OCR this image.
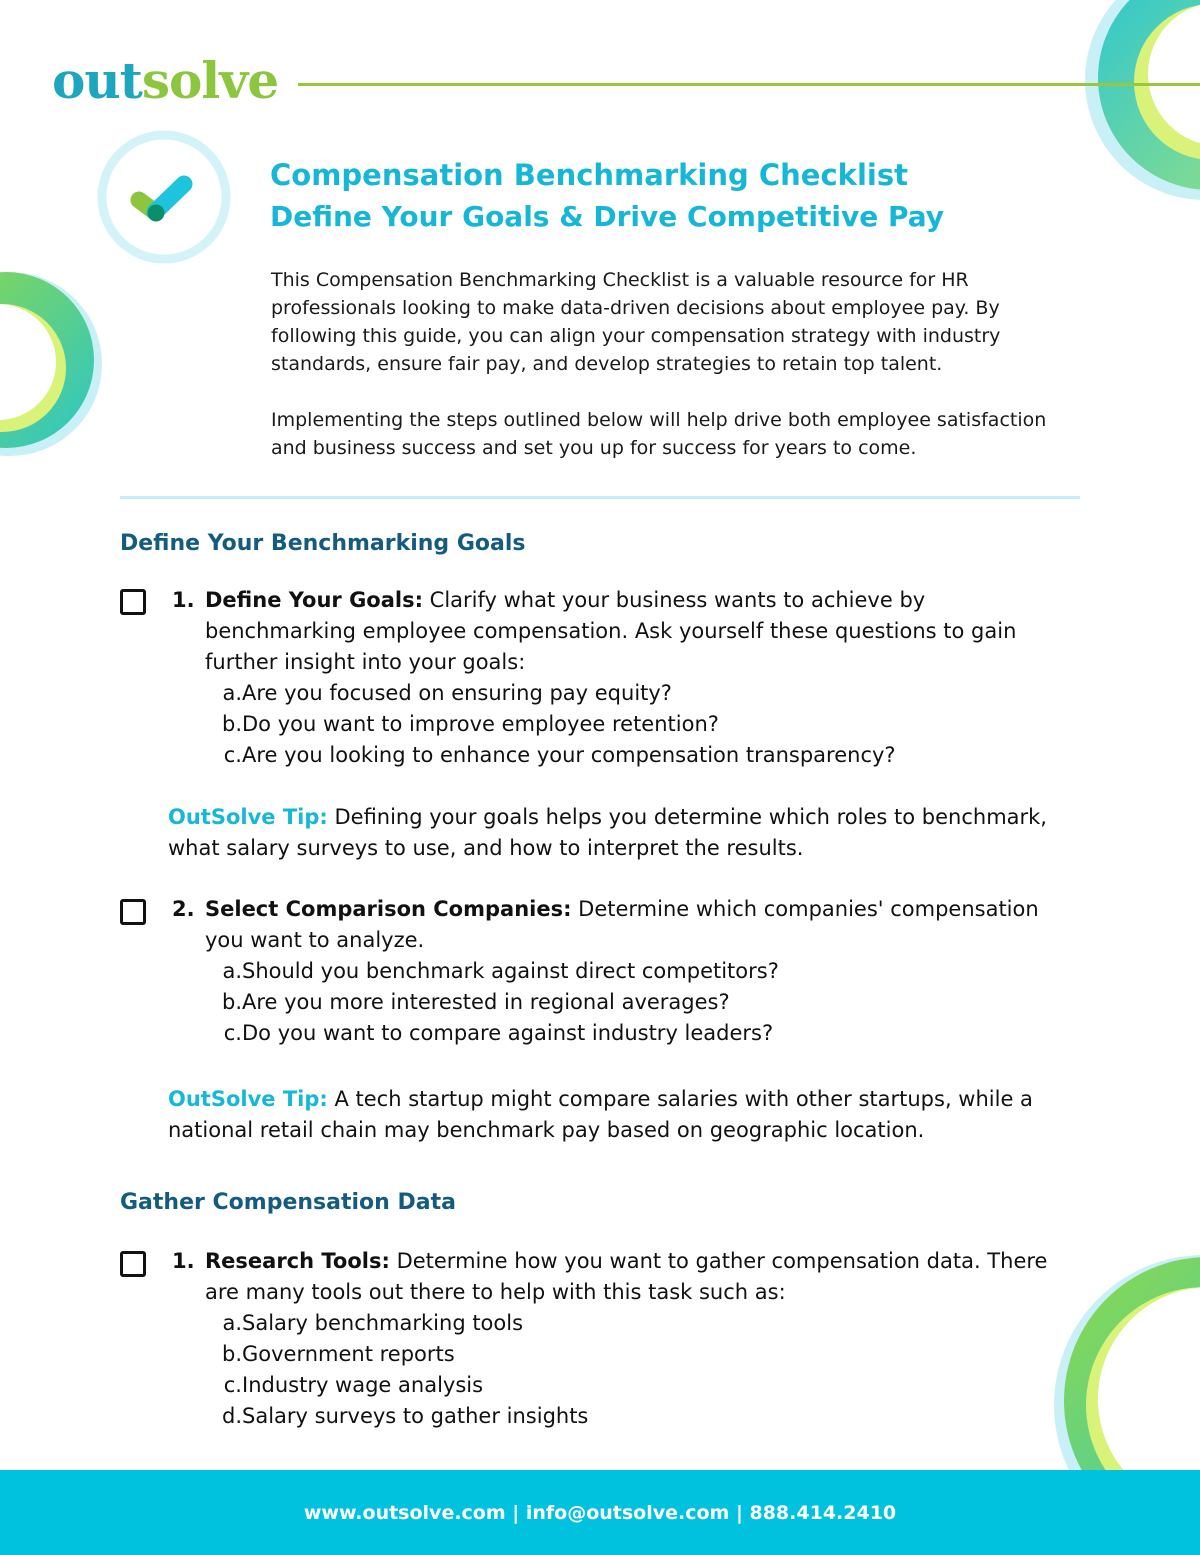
outsolve
Compensation Benchmarking Checklist
Define Your Goals & Drive Competitive Pay

This Compensation Benchmarking Checklist is a valuable resource for HR professionals looking to make data-driven decisions about employee pay. By following this guide, you can align your compensation strategy with industry standards, ensure fair pay, and develop strategies to retain top talent.

Implementing the steps outlined below will help drive both employee satisfaction and business success and set you up for success for years to come.

Define Your Benchmarking Goals
1. Define Your Goals: Clarify what your business wants to achieve by benchmarking employee compensation. Ask yourself these questions to gain further insight into your goals:
a. Are you focused on ensuring pay equity?
b. Do you want to improve employee retention?
c. Are you looking to enhance your compensation transparency?

OutSolve Tip: Defining your goals helps you determine which roles to benchmark, what salary surveys to use, and how to interpret the results.

2. Select Comparison Companies: Determine which companies' compensation you want to analyze.
a. Should you benchmark against direct competitors?
b. Are you more interested in regional averages?
c. Do you want to compare against industry leaders?

OutSolve Tip: A tech startup might compare salaries with other startups, while a national retail chain may benchmark pay based on geographic location.

Gather Compensation Data
1. Research Tools: Determine how you want to gather compensation data. There are many tools out there to help with this task such as:
a. Salary benchmarking tools
b. Government reports
c. Industry wage analysis
d. Salary surveys to gather insights
www.outsolve.com | info@outsolve.com | 888.414.2410
